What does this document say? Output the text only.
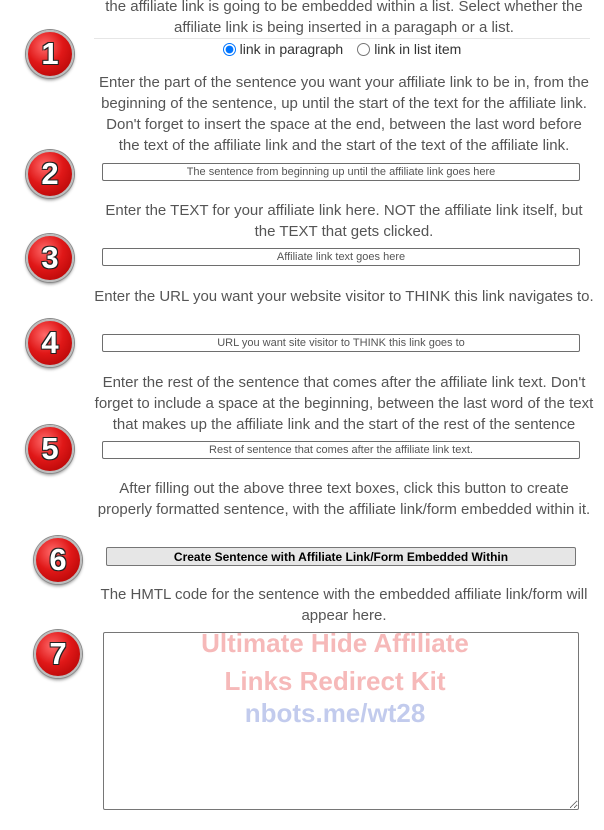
1
the affiliate link is going to be embedded within a list. Select whether the
affiliate link is being inserted in a paragaph or a list.
link in paragraph link in list item
2
Enter the part of the sentence you want your affiliate link to be in, from the beginning of the sentence, up until the start of the text for the affiliate link. Don't forget to insert the space at the end, between the last word before the text of the affiliate link and the start of the text of the affiliate link.
The sentence from beginning up until the affiliate link goes here
3
Enter the TEXT for your affiliate link here. NOT the affiliate link itself, but the TEXT that gets clicked.
Affiliate link text goes here
4
Enter the URL you want your website visitor to THINK this link navigates to.
URL you want site visitor to THINK this link goes to
5
Enter the rest of the sentence that comes after the affiliate link text. Don't forget to include a space at the beginning, between the last word of the text that makes up the affiliate link and the start of the rest of the sentence
Rest of sentence that comes after the affiliate link text.
6
After filling out the above three text boxes, click this button to create properly formatted sentence, with the affiliate link/form embedded within it.
Create Sentence with Affiliate Link/Form Embedded Within
7
The HMTL code for the sentence with the embedded affiliate link/form will appear here.
Ultimate Hide Affiliate
Links Redirect Kit
nbots.me/wt28
